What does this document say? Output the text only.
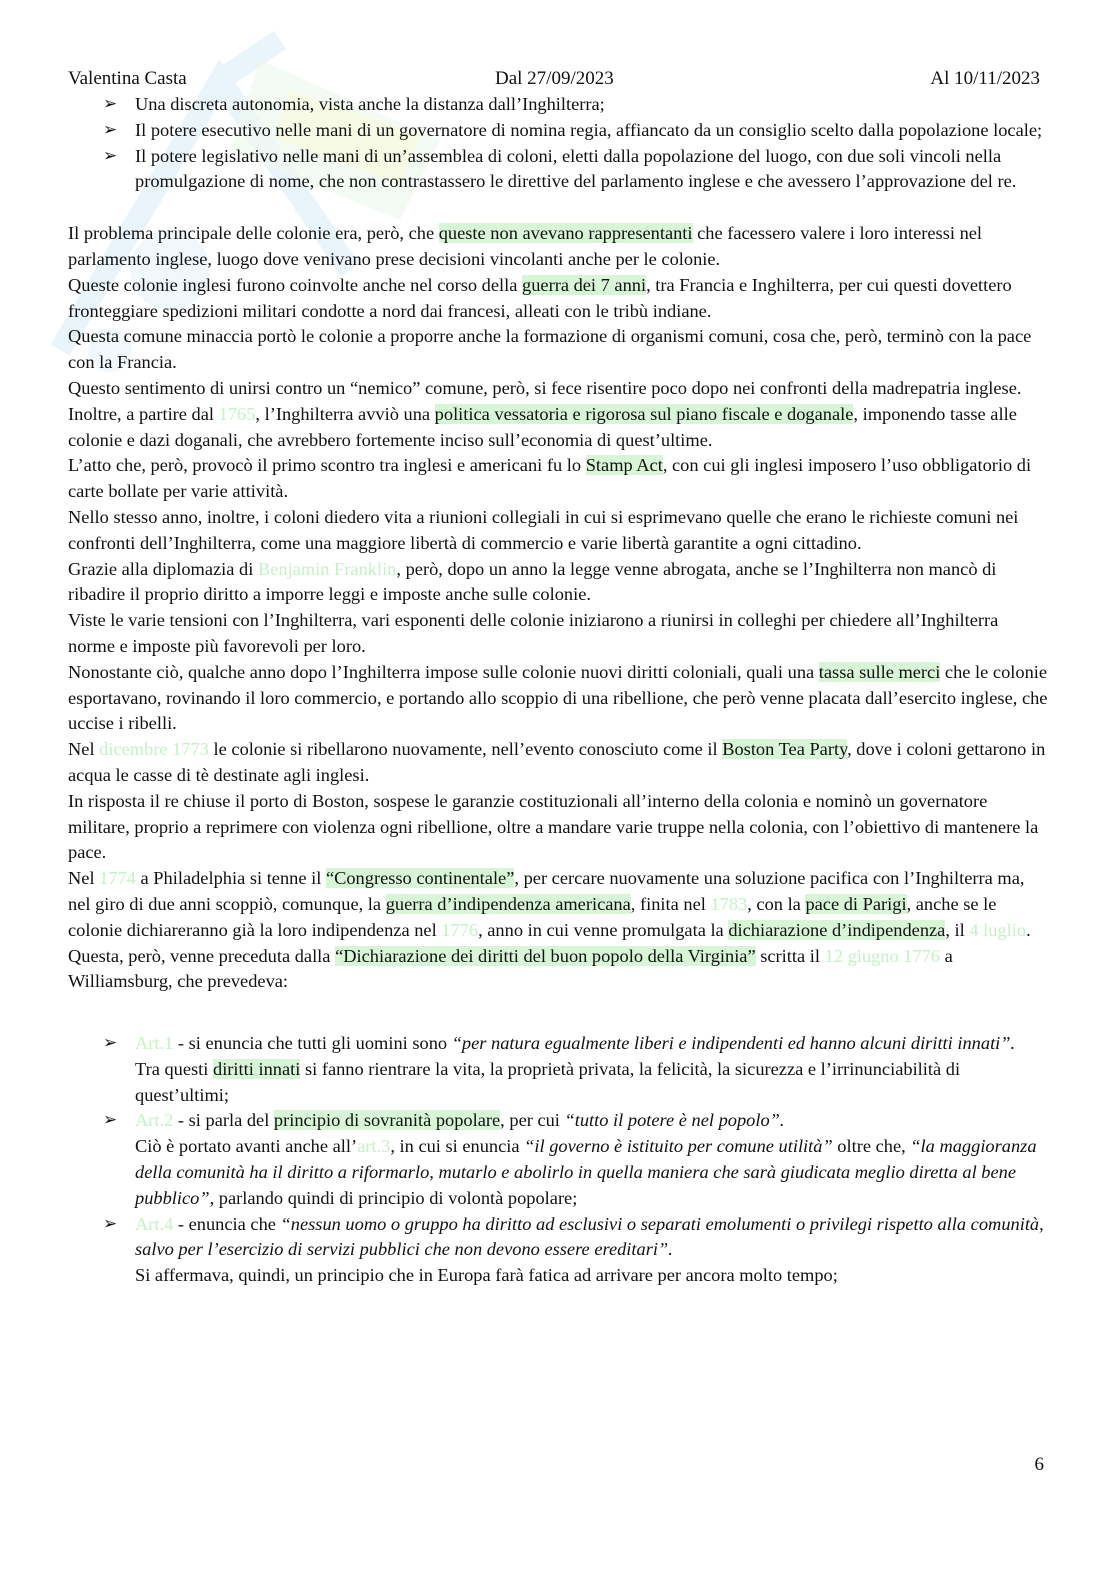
Valentina Casta	Dal 27/09/2023	Al 10/11/2023
➢ Una discreta autonomia, vista anche la distanza dall’Inghilterra;
➢ Il potere esecutivo nelle mani di un governatore di nomina regia, affiancato da un consiglio scelto dalla popolazione locale;
➢ Il potere legislativo nelle mani di un’assemblea di coloni, eletti dalla popolazione del luogo, con due soli vincoli nella promulgazione di nome, che non contrastassero le direttive del parlamento inglese e che avessero l’approvazione del re.

Il problema principale delle colonie era, però, che queste non avevano rappresentanti che facessero valere i loro interessi nel parlamento inglese, luogo dove venivano prese decisioni vincolanti anche per le colonie.

Queste colonie inglesi furono coinvolte anche nel corso della guerra dei 7 anni, tra Francia e Inghilterra, per cui questi dovettero fronteggiare spedizioni militari condotte a nord dai francesi, alleati con le tribù indiane.

Questa comune minaccia portò le colonie a proporre anche la formazione di organismi comuni, cosa che, però, terminò con la pace con la Francia.

Questo sentimento di unirsi contro un “nemico” comune, però, si fece risentire poco dopo nei confronti della madrepatria inglese.

Inoltre, a partire dal 1765, l’Inghilterra avviò una politica vessatoria e rigorosa sul piano fiscale e doganale, imponendo tasse alle colonie e dazi doganali, che avrebbero fortemente inciso sull’economia di quest’ultime.

L’atto che, però, provocò il primo scontro tra inglesi e americani fu lo Stamp Act, con cui gli inglesi imposero l’uso obbligatorio di carte bollate per varie attività.

Nello stesso anno, inoltre, i coloni diedero vita a riunioni collegiali in cui si esprimevano quelle che erano le richieste comuni nei confronti dell’Inghilterra, come una maggiore libertà di commercio e varie libertà garantite a ogni cittadino.

Grazie alla diplomazia di Benjamin Franklin, però, dopo un anno la legge venne abrogata, anche se l’Inghilterra non mancò di ribadire il proprio diritto a imporre leggi e imposte anche sulle colonie.

Viste le varie tensioni con l’Inghilterra, vari esponenti delle colonie iniziarono a riunirsi in colleghi per chiedere all’Inghilterra norme e imposte più favorevoli per loro.

Nonostante ciò, qualche anno dopo l’Inghilterra impose sulle colonie nuovi diritti coloniali, quali una tassa sulle merci che le colonie esportavano, rovinando il loro commercio, e portando allo scoppio di una ribellione, che però venne placata dall’esercito inglese, che uccise i ribelli.

Nel dicembre 1773 le colonie si ribellarono nuovamente, nell’evento conosciuto come il Boston Tea Party, dove i coloni gettarono in acqua le casse di tè destinate agli inglesi.

In risposta il re chiuse il porto di Boston, sospese le garanzie costituzionali all’interno della colonia e nominò un governatore militare, proprio a reprimere con violenza ogni ribellione, oltre a mandare varie truppe nella colonia, con l’obiettivo di mantenere la pace.

Nel 1774 a Philadelphia si tenne il “Congresso continentale”, per cercare nuovamente una soluzione pacifica con l’Inghilterra ma, nel giro di due anni scoppiò, comunque, la guerra d’indipendenza americana, finita nel 1783, con la pace di Parigi, anche se le colonie dichiareranno già la loro indipendenza nel 1776, anno in cui venne promulgata la dichiarazione d’indipendenza, il 4 luglio.

Questa, però, venne preceduta dalla “Dichiarazione dei diritti del buon popolo della Virginia” scritta il 12 giugno 1776 a Williamsburg, che prevedeva:

➢ Art.1 - si enuncia che tutti gli uomini sono “per natura egualmente liberi e indipendenti ed hanno alcuni diritti innati”.
Tra questi diritti innati si fanno rientrare la vita, la proprietà privata, la felicità, la sicurezza e l’irrinunciabilità di quest’ultimi;
➢ Art.2 - si parla del principio di sovranità popolare, per cui “tutto il potere è nel popolo”.
Ciò è portato avanti anche all’art.3, in cui si enuncia “il governo è istituito per comune utilità” oltre che, “la maggioranza della comunità ha il diritto a riformarlo, mutarlo e abolirlo in quella maniera che sarà giudicata meglio diretta al bene pubblico”, parlando quindi di principio di volontà popolare;
➢ Art.4 - enuncia che “nessun uomo o gruppo ha diritto ad esclusivi o separati emolumenti o privilegi rispetto alla comunità, salvo per l’esercizio di servizi pubblici che non devono essere ereditari”.
Si affermava, quindi, un principio che in Europa farà fatica ad arrivare per ancora molto tempo;
6
